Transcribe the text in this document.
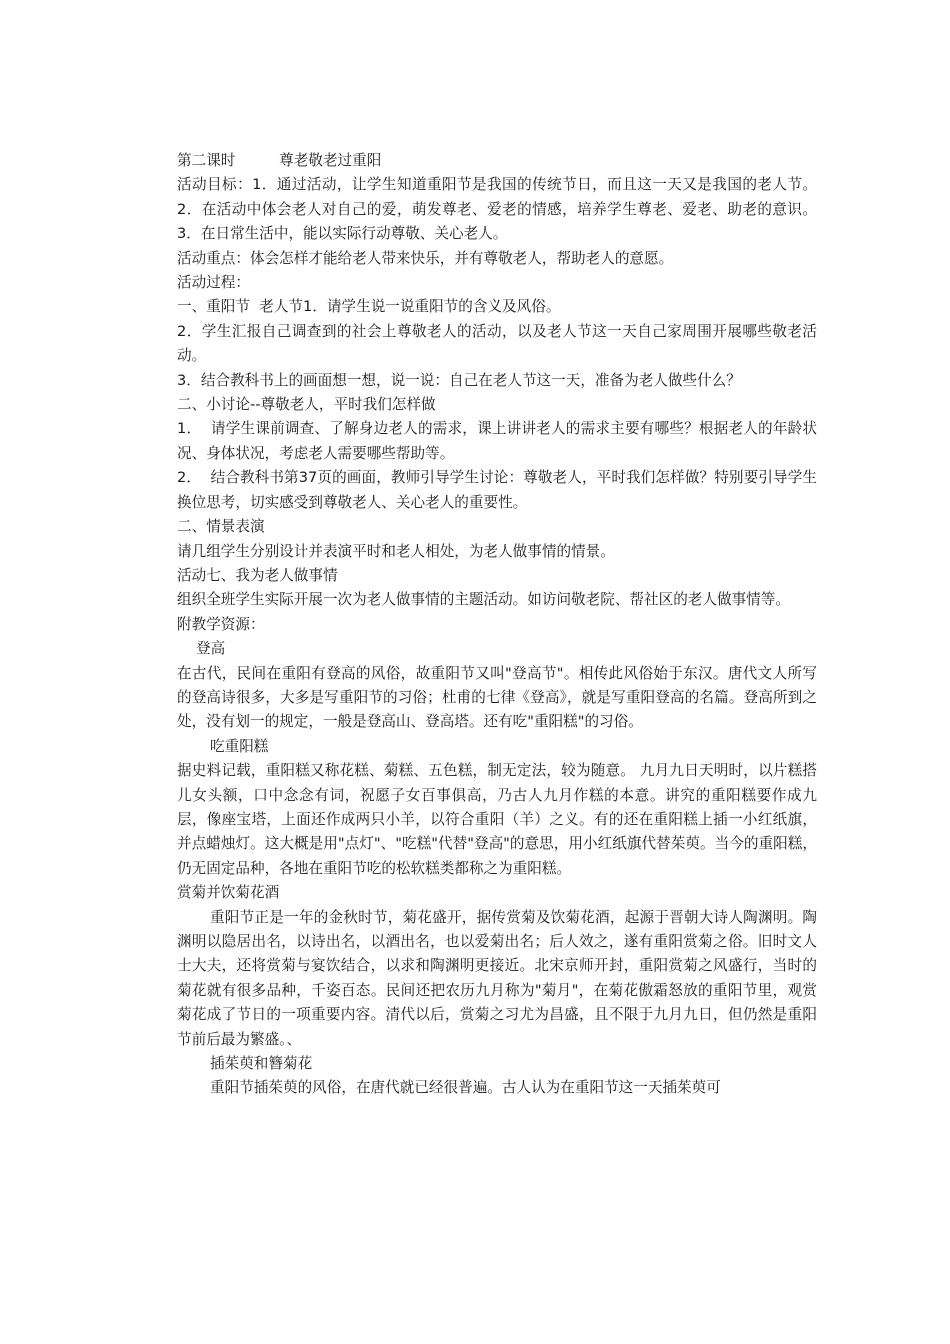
第二课时　　　尊老敬老过重阳

活动目标：1．通过活动，让学生知道重阳节是我国的传统节日，而且这一天又是我国的老人节。2．在活动中体会老人对自己的爱，萌发尊老、爱老的情感，培养学生尊老、爱老、助老的意识。3．在日常生活中，能以实际行动尊敬、关心老人。

活动重点：体会怎样才能给老人带来快乐，并有尊敬老人，帮助老人的意愿。

活动过程：

一、重阳节  老人节1．请学生说一说重阳节的含义及风俗。

2．学生汇报自己调查到的社会上尊敬老人的活动，以及老人节这一天自己家周围开展哪些敬老活动。

3．结合教科书上的画面想一想，说一说：自己在老人节这一天，准备为老人做些什么？

二、小讨论--尊敬老人，平时我们怎样做

1．  请学生课前调查、了解身边老人的需求，课上讲讲老人的需求主要有哪些？根据老人的年龄状况、身体状况，考虑老人需要哪些帮助等。

2．  结合教科书第37页的画面，教师引导学生讨论：尊敬老人，平时我们怎样做？特别要引导学生换位思考，切实感受到尊敬老人、关心老人的重要性。

二、情景表演

请几组学生分别设计并表演平时和老人相处，为老人做事情的情景。

活动七、我为老人做事情

组织全班学生实际开展一次为老人做事情的主题活动。如访问敬老院、帮社区的老人做事情等。

附教学资源：

登高

在古代，民间在重阳有登高的风俗，故重阳节又叫"登高节"。相传此风俗始于东汉。唐代文人所写的登高诗很多，大多是写重阳节的习俗；杜甫的七律《登高》，就是写重阳登高的名篇。登高所到之处，没有划一的规定，一般是登高山、登高塔。还有吃"重阳糕"的习俗。

吃重阳糕

据史料记载，重阳糕又称花糕、菊糕、五色糕，制无定法，较为随意。 九月九日天明时，以片糕搭儿女头额，口中念念有词，祝愿子女百事俱高，乃古人九月作糕的本意。讲究的重阳糕要作成九层，像座宝塔，上面还作成两只小羊，以符合重阳（羊）之义。有的还在重阳糕上插一小红纸旗，并点蜡烛灯。这大概是用"点灯"、"吃糕"代替"登高"的意思，用小红纸旗代替茱萸。当今的重阳糕，仍无固定品种，各地在重阳节吃的松软糕类都称之为重阳糕。

赏菊并饮菊花酒

重阳节正是一年的金秋时节，菊花盛开，据传赏菊及饮菊花酒，起源于晋朝大诗人陶渊明。陶渊明以隐居出名，以诗出名，以酒出名，也以爱菊出名；后人效之，遂有重阳赏菊之俗。旧时文人士大夫，还将赏菊与宴饮结合，以求和陶渊明更接近。北宋京师开封，重阳赏菊之风盛行，当时的菊花就有很多品种，千姿百态。民间还把农历九月称为"菊月"，在菊花傲霜怒放的重阳节里，观赏菊花成了节日的一项重要内容。清代以后，赏菊之习尤为昌盛，且不限于九月九日，但仍然是重阳节前后最为繁盛。、

插茱萸和簪菊花

重阳节插茱萸的风俗，在唐代就已经很普遍。古人认为在重阳节这一天插茱萸可
